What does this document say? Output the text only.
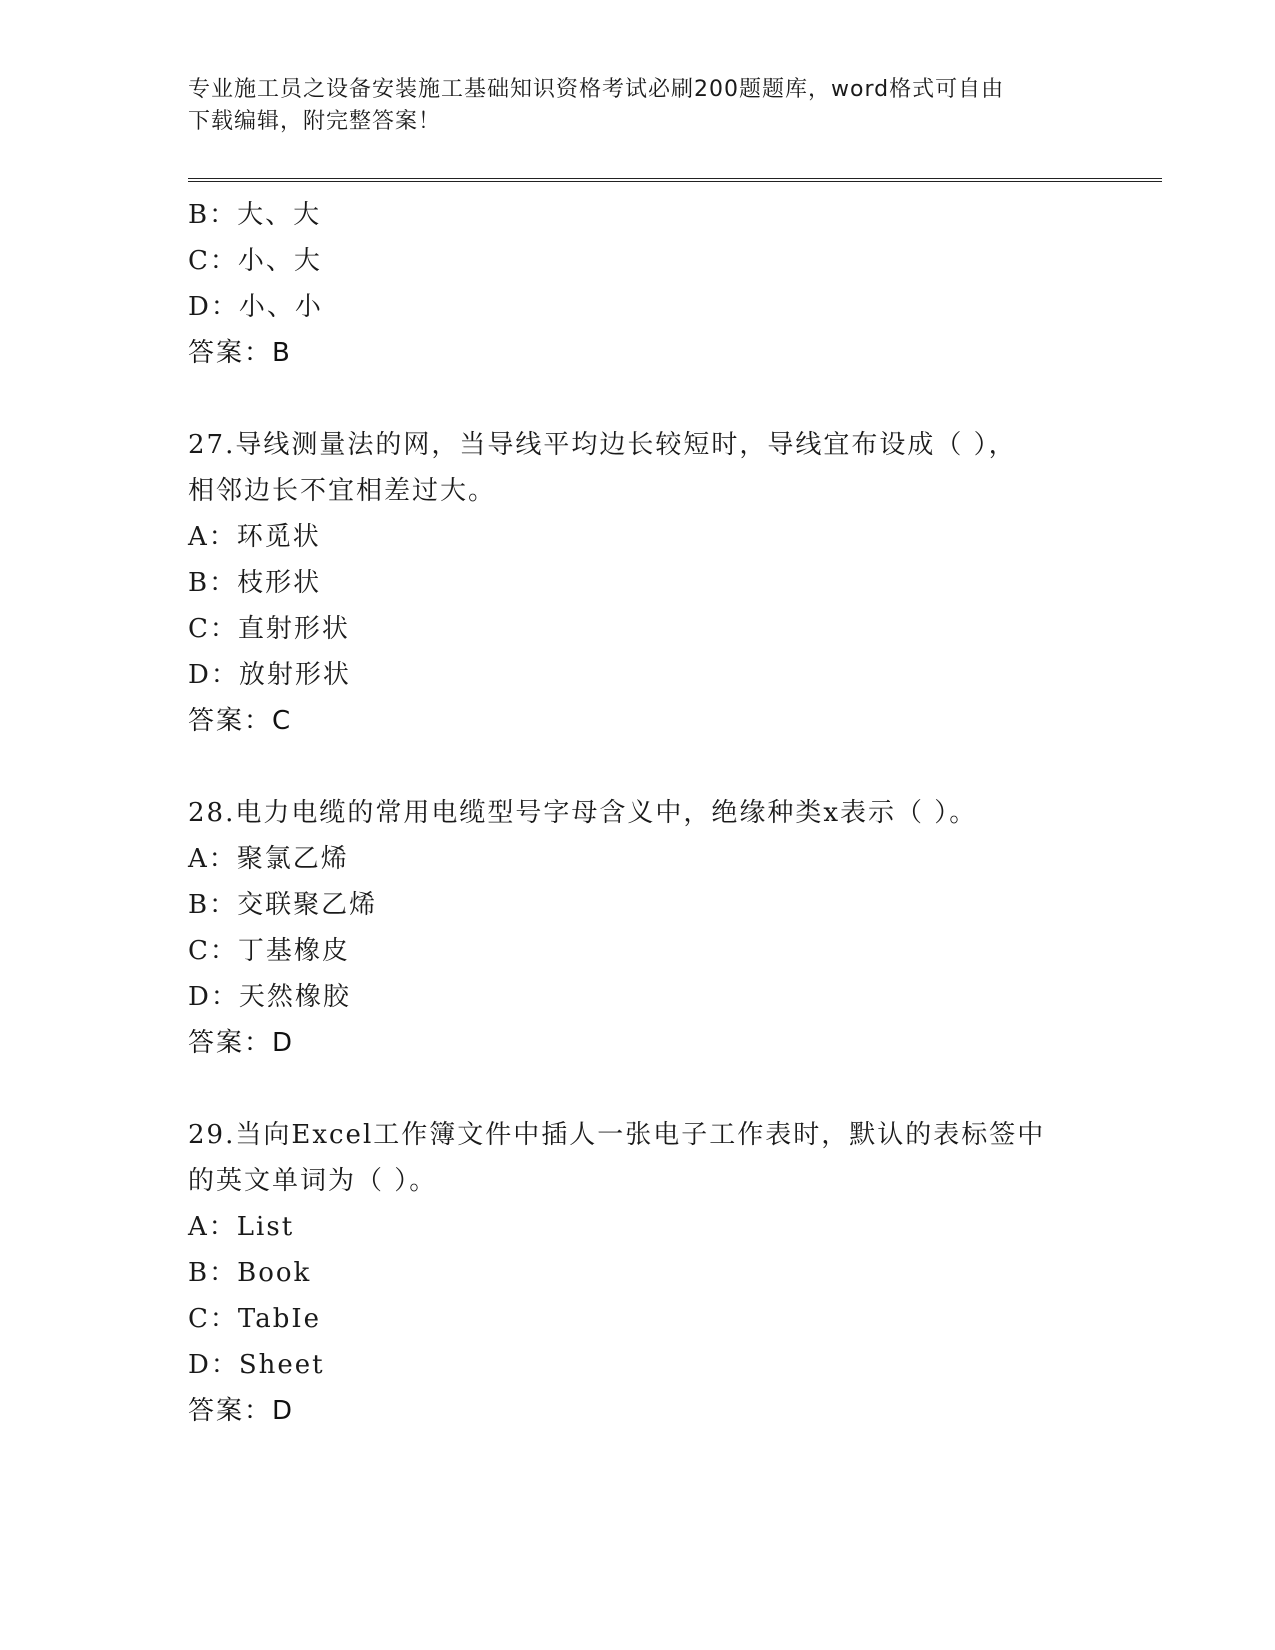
专业施工员之设备安装施工基础知识资格考试必刷200题题库，word格式可自由
下载编辑，附完整答案！
B：大、大
C：小、大
D：小、小
答案：B
27.导线测量法的网，当导线平均边长较短时，导线宜布设成（ ），
相邻边长不宜相差过大。
A：环觅状
B：枝形状
C：直射形状
D：放射形状
答案：C
28.电力电缆的常用电缆型号字母含义中，绝缘种类x表示（ ）。
A：聚氯乙烯
B：交联聚乙烯
C：丁基橡皮
D：天然橡胶
答案：D
29.当向Excel工作簿文件中插人一张电子工作表时，默认的表标签中
的英文单词为（ ）。
A：List
B：Book
C：TabIe
D：Sheet
答案：D
